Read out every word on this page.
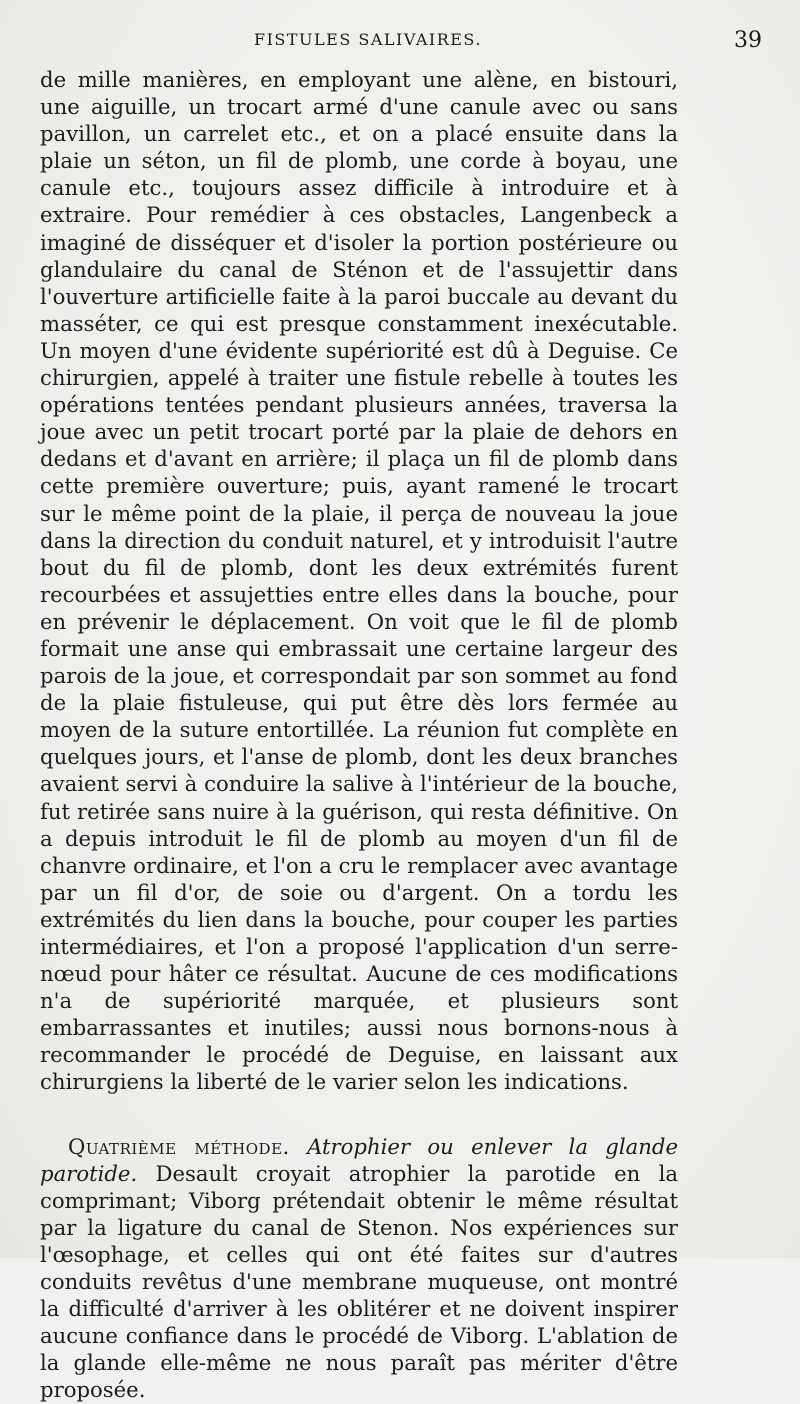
FISTULES SALIVAIRES.	39

de mille manières, en employant une alène, en bistouri, une aiguille, un trocart armé d'une canule avec ou sans pavillon, un carrelet etc., et on a placé ensuite dans la plaie un séton, un fil de plomb, une corde à boyau, une canule etc., toujours assez difficile à introduire et à extraire. Pour remédier à ces obstacles, Langenbeck a imaginé de disséquer et d'isoler la portion postérieure ou glandulaire du canal de Sténon et de l'assujettir dans l'ouverture artificielle faite à la paroi buccale au devant du masséter, ce qui est presque constamment inexécutable. Un moyen d'une évidente supériorité est dû à Deguise. Ce chirurgien, appelé à traiter une fistule rebelle à toutes les opérations tentées pendant plusieurs années, traversa la joue avec un petit trocart porté par la plaie de dehors en dedans et d'avant en arrière; il plaça un fil de plomb dans cette première ouverture; puis, ayant ramené le trocart sur le même point de la plaie, il perça de nouveau la joue dans la direction du conduit naturel, et y introduisit l'autre bout du fil de plomb, dont les deux extrémités furent recourbées et assujetties entre elles dans la bouche, pour en prévenir le déplacement. On voit que le fil de plomb formait une anse qui embrassait une certaine largeur des parois de la joue, et correspondait par son sommet au fond de la plaie fistuleuse, qui put être dès lors fermée au moyen de la suture entortillée. La réunion fut complète en quelques jours, et l'anse de plomb, dont les deux branches avaient servi à conduire la salive à l'intérieur de la bouche, fut retirée sans nuire à la guérison, qui resta définitive. On a depuis introduit le fil de plomb au moyen d'un fil de chanvre ordinaire, et l'on a cru le remplacer avec avantage par un fil d'or, de soie ou d'argent. On a tordu les extrémités du lien dans la bouche, pour couper les parties intermédiaires, et l'on a proposé l'application d'un serre-nœud pour hâter ce résultat. Aucune de ces modifications n'a de supériorité marquée, et plusieurs sont embarrassantes et inutiles; aussi nous bornons-nous à recommander le procédé de Deguise, en laissant aux chirurgiens la liberté de le varier selon les indications.

Quatrième méthode. Atrophier ou enlever la glande parotide. Desault croyait atrophier la parotide en la comprimant; Viborg prétendait obtenir le même résultat par la ligature du canal de Stenon. Nos expériences sur l'œsophage, et celles qui ont été faites sur d'autres conduits revêtus d'une membrane muqueuse, ont montré la difficulté d'arriver à les oblitérer et ne doivent inspirer aucune confiance dans le procédé de Viborg. L'ablation de la glande elle-même ne nous paraît pas mériter d'être proposée.
